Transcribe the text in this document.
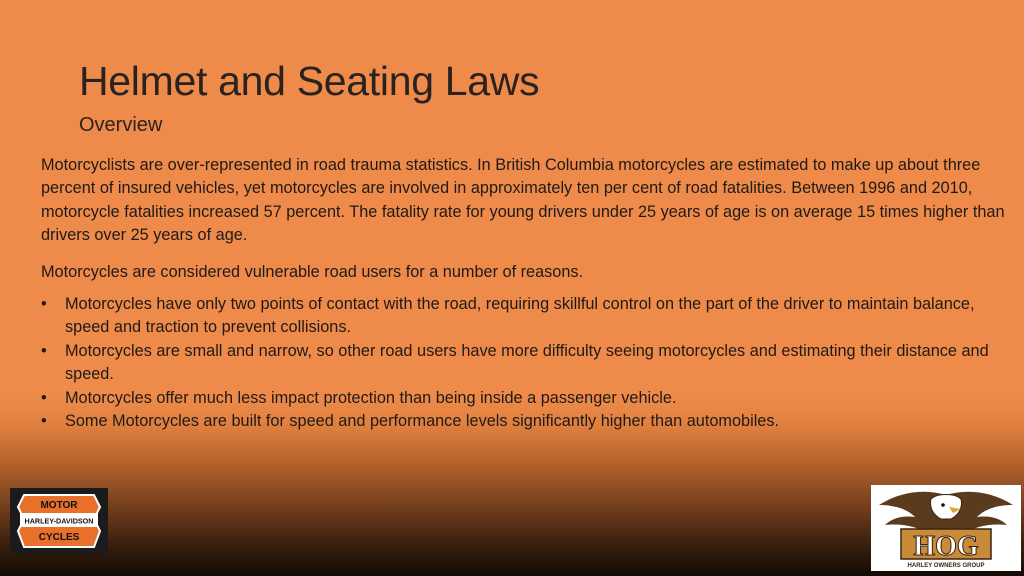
Helmet and Seating Laws
Overview

Motorcyclists are over-represented in road trauma statistics. In British Columbia motorcycles are estimated to make up about three percent of insured vehicles, yet motorcycles are involved in approximately ten per cent of road fatalities. Between 1996 and 2010, motorcycle fatalities increased 57 percent. The fatality rate for young drivers under 25 years of age is on average 15 times higher than drivers over 25 years of age.

Motorcycles are considered vulnerable road users for a number of reasons.

• Motorcycles have only two points of contact with the road, requiring skillful control on the part of the driver to maintain balance, speed and traction to prevent collisions.
• Motorcycles are small and narrow, so other road users have more difficulty seeing motorcycles and estimating their distance and speed.
• Motorcycles offer much less impact protection than being inside a passenger vehicle.
• Some Motorcycles are built for speed and performance levels significantly higher than automobiles.
MOTOR
HARLEY-DAVIDSON
CYCLES	HOG
HARLEY OWNERS GROUP
